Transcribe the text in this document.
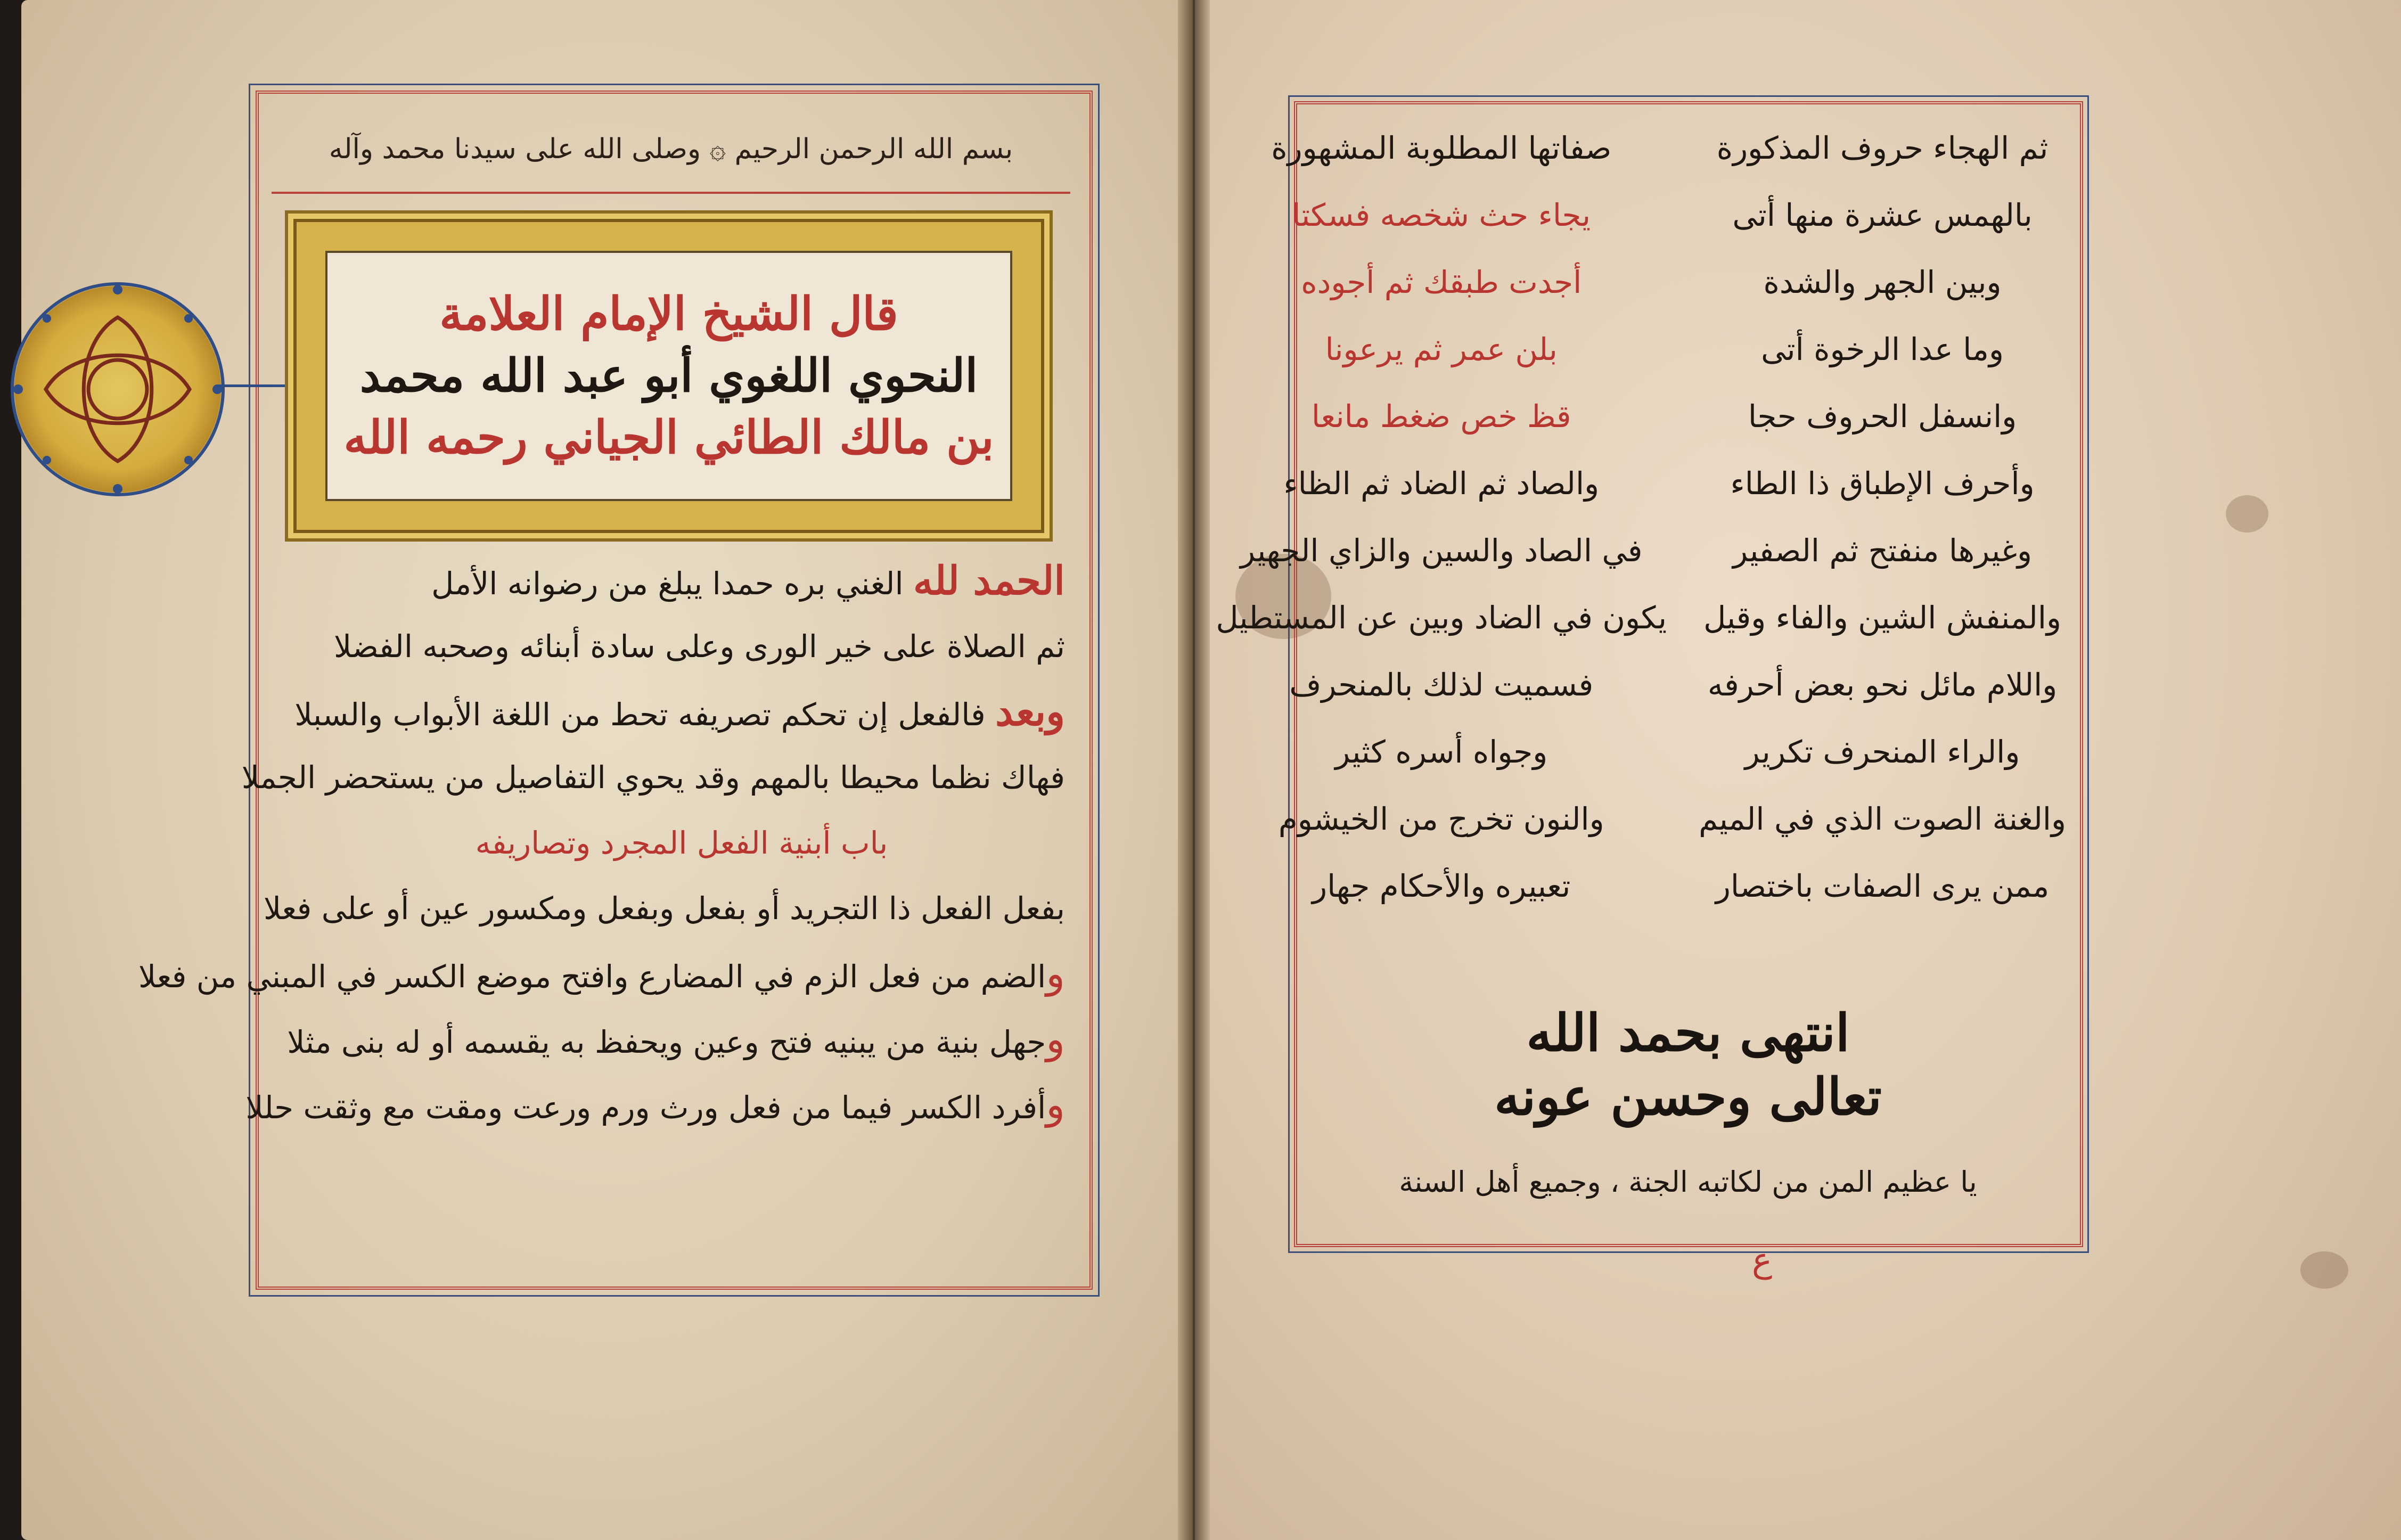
بسم الله الرحمن الرحيم ۞ وصلى الله على سيدنا محمد وآله
قال الشيخ الإمام العلامة
النحوي اللغوي أبو عبد الله محمد
بن مالك الطائي الجياني رحمه الله
الحمد لله الغني بره حمدا يبلغ من رضوانه الأمل
ثم الصلاة على خير الورى وعلى سادة أبنائه وصحبه الفضلا
وبعد فالفعل إن تحكم تصريفه تحط من اللغة الأبواب والسبلا
فهاك نظما محيطا بالمهم وقد يحوي التفاصيل من يستحضر الجملا
باب أبنية الفعل المجرد وتصاريفه
بفعل الفعل ذا التجريد أو بفعل وبفعل ومكسور عين أو على فعلا
والضم من فعل الزم في المضارع وافتح موضع الكسر في المبني من فعلا
وجهل بنية من يبنيه فتح وعين ويحفظ به يقسمه أو له بنى مثلا
وأفرد الكسر فيما من فعل ورث ورم ورعت ومقت مع وثقت حللا
ثم الهجاء حروف المذكورة
صفاتها المطلوبة المشهورة
بالهمس عشرة منها أتى
يجاء حث شخصه فسكتا
وبين الجهر والشدة
أجدت طبقك ثم أجوده
وما عدا الرخوة أتى
بلن عمر ثم يرعونا
وانسفل الحروف حجا
قظ خص ضغط مانعا
وأحرف الإطباق ذا الطاء
والصاد ثم الضاد ثم الظاء
وغيرها منفتح ثم الصفير
في الصاد والسين والزاي الجهير
والمنفش الشين والفاء وقيل
يكون في الضاد وبين عن المستطيل
واللام مائل نحو بعض أحرفه
فسميت لذلك بالمنحرف
والراء المنحرف تكرير
وجواه أسره كثير
والغنة الصوت الذي في الميم
والنون تخرج من الخيشوم
ممن يرى الصفات باختصار
تعبيره والأحكام جهار
انتهى بحمد الله
تعالى وحسن عونه
يا عظيم المن من لكاتبه الجنة ، وجميع أهل السنة
ع
